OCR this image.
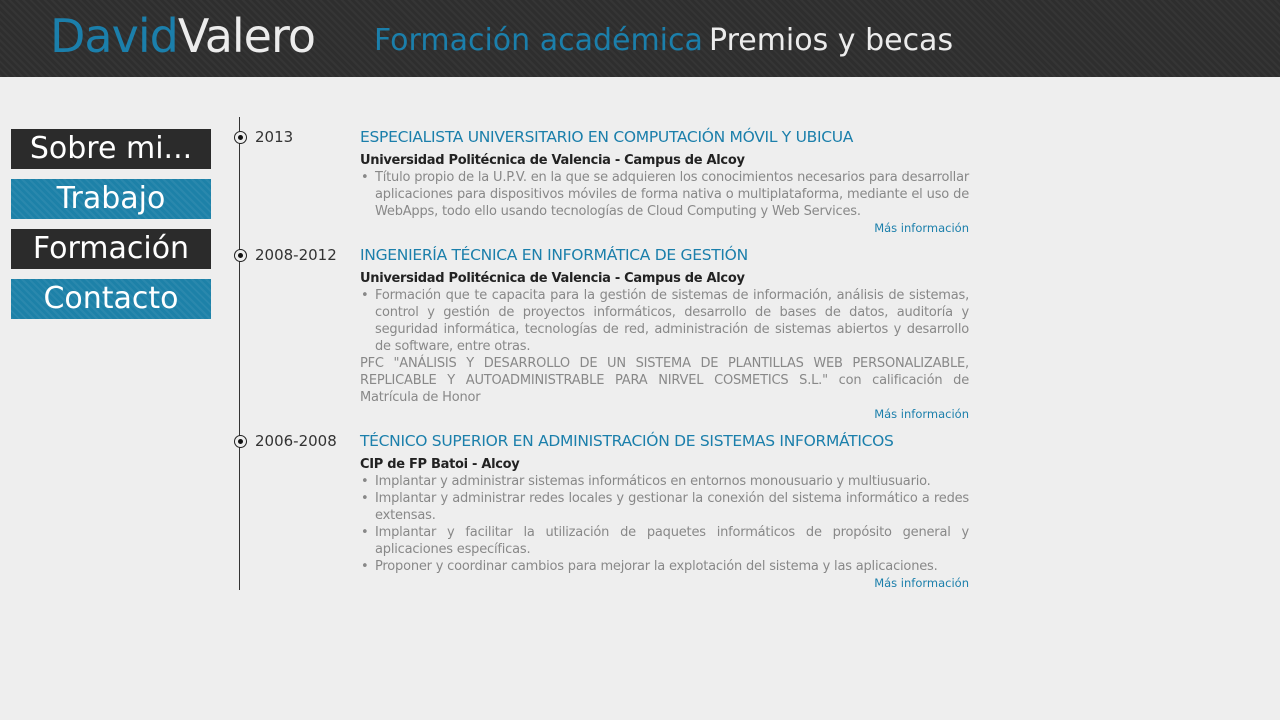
DavidValero Formación académica Premios y becas
Sobre mi...
Trabajo
Formación
Contacto
2013	ESPECIALISTA UNIVERSITARIO EN COMPUTACIÓN MÓVIL Y UBICUA

Universidad Politécnica de Valencia - Campus de Alcoy

• Título propio de la U.P.V. en la que se adquieren los conocimientos necesarios para desarrollar aplicaciones para dispositivos móviles de forma nativa o multiplataforma, mediante el uso de WebApps, todo ello usando tecnologías de Cloud Computing y Web Services.
Más información
2008-2012 INGENIERÍA TÉCNICA EN INFORMÁTICA DE GESTIÓN

Universidad Politécnica de Valencia - Campus de Alcoy

• Formación que te capacita para la gestión de sistemas de información, análisis de sistemas, control y gestión de proyectos informáticos, desarrollo de bases de datos, auditoría y seguridad informática, tecnologías de red, administración de sistemas abiertos y desarrollo de software, entre otras.

PFC "ANÁLISIS Y DESARROLLO DE UN SISTEMA DE PLANTILLAS WEB PERSONALIZABLE, REPLICABLE Y AUTOADMINISTRABLE PARA NIRVEL COSMETICS S.L." con calificación de Matrícula de Honor

Más información
2006-2008 TÉCNICO SUPERIOR EN ADMINISTRACIÓN DE SISTEMAS INFORMÁTICOS

CIP de FP Batoi - Alcoy

• Implantar y administrar sistemas informáticos en entornos monousuario y multiusuario.
• Implantar y administrar redes locales y gestionar la conexión del sistema informático a redes extensas.
• Implantar y facilitar la utilización de paquetes informáticos de propósito general y aplicaciones específicas.
• Proponer y coordinar cambios para mejorar la explotación del sistema y las aplicaciones.
Más información
